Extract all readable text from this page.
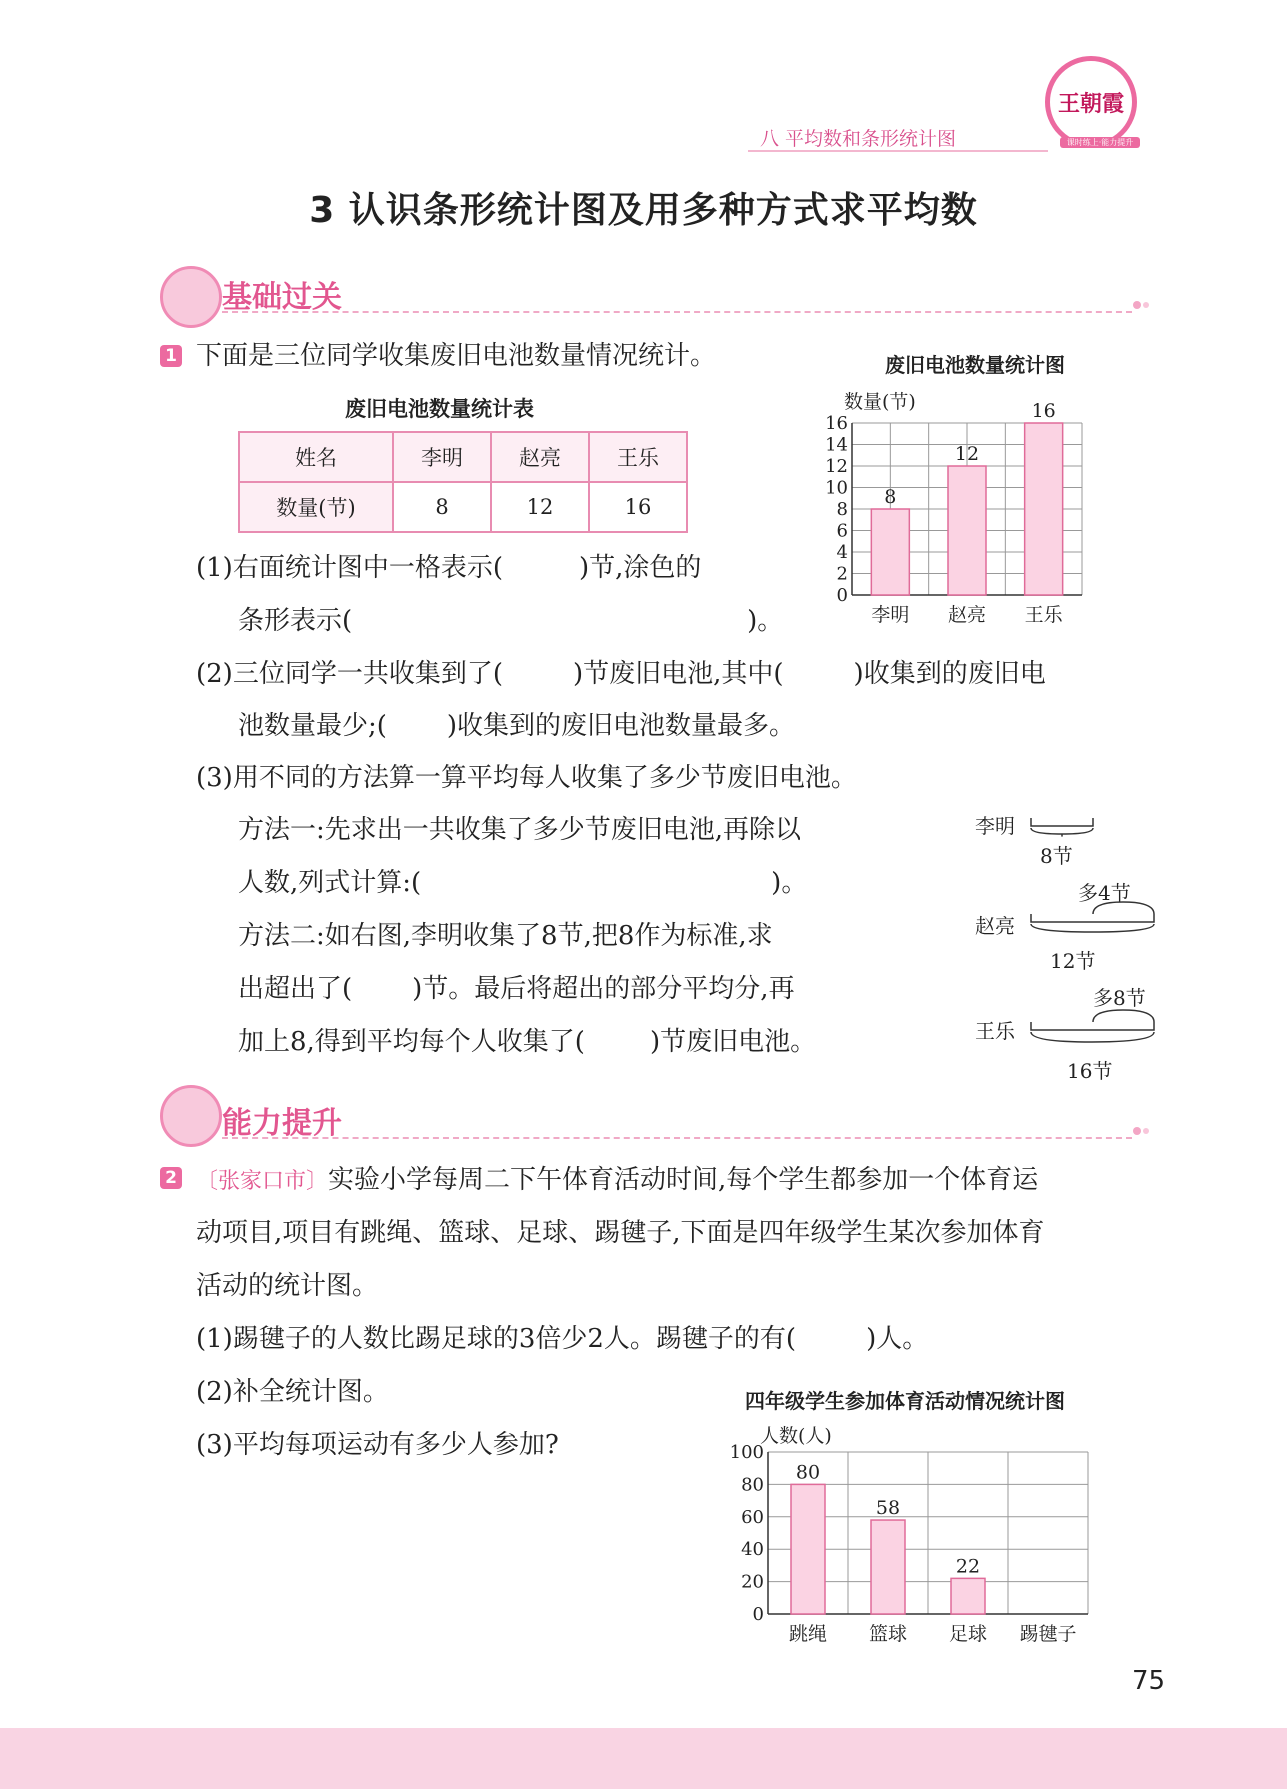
八 平均数和条形统计图
王朝霞
课时练上·能力提升
3 认识条形统计图及用多种方式求平均数
基础过关
1 下面是三位同学收集废旧电池数量情况统计。
废旧电池数量统计表
姓名	李明	赵亮	王乐
数量(节)	8	12	16
废旧电池数量统计图
数量(节)
0
2
4
6
8
10
12
14
16
8
李明
12
赵亮
16
王乐
(1)右面统计图中一格表示(	)节,涂色的
条形表示(	)。
(2)三位同学一共收集到了(	)节废旧电池,其中(	)收集到的废旧电
池数量最少;( )收集到的废旧电池数量最多。
(3)用不同的方法算一算平均每人收集了多少节废旧电池。
方法一:先求出一共收集了多少节废旧电池,再除以
人数,列式计算:(	)。
方法二:如右图,李明收集了8节,把8作为标准,求
出超出了( )节。最后将超出的部分平均分,再
加上8,得到平均每个人收集了(	)节废旧电池。
李明
8节
赵亮
多4节
12节
王乐
多8节
16节
能力提升
2 〔张家口市〕实验小学每周二下午体育活动时间,每个学生都参加一个体育运
动项目,项目有跳绳、篮球、足球、踢毽子,下面是四年级学生某次参加体育
活动的统计图。
(1)踢毽子的人数比踢足球的3倍少2人。踢毽子的有(	)人。
(2)补全统计图。
(3)平均每项运动有多少人参加?
四年级学生参加体育活动情况统计图
人数(人)
0
20
40
60
80
100
80
跳绳
58
篮球
22
足球 踢毽子
75
